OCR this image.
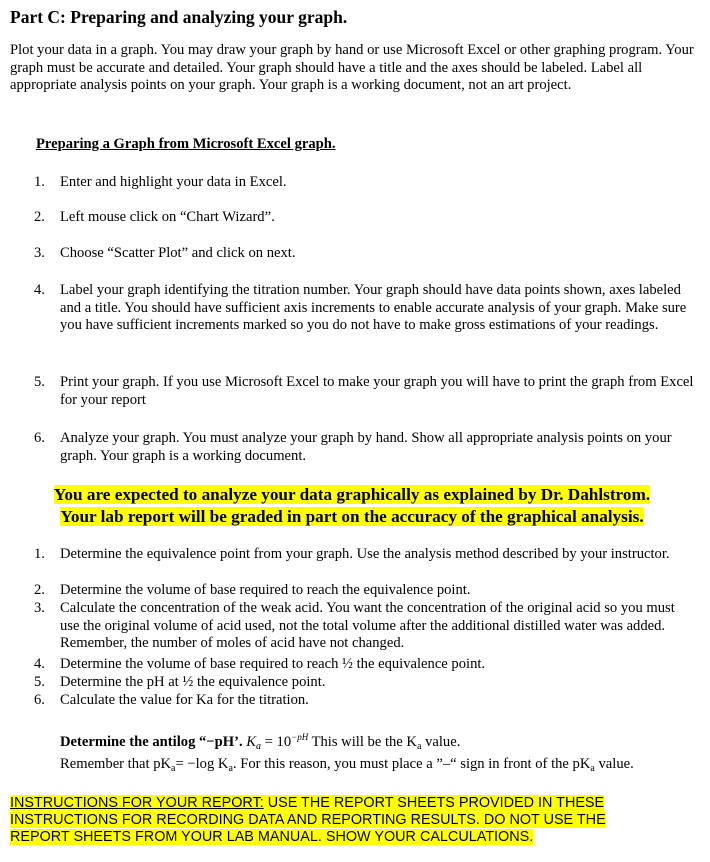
Part C: Preparing and analyzing your graph.
Plot your data in a graph. You may draw your graph by hand or use Microsoft Excel or other graphing program. Your graph must be accurate and detailed. Your graph should have a title and the axes should be labeled. Label all appropriate analysis points on your graph. Your graph is a working document, not an art project.
Preparing a Graph from Microsoft Excel graph.
1.	Enter and highlight your data in Excel.
2.	Left mouse click on “Chart Wizard”.
3.	Choose “Scatter Plot” and click on next.
4.	Label your graph identifying the titration number. Your graph should have data points shown, axes labeled and a title. You should have sufficient axis increments to enable accurate analysis of your graph. Make sure you have sufficient increments marked so you do not have to make gross estimations of your readings.
5.	Print your graph. If you use Microsoft Excel to make your graph you will have to print the graph from Excel for your report
6.	Analyze your graph. You must analyze your graph by hand. Show all appropriate analysis points on your graph. Your graph is a working document.
You are expected to analyze your data graphically as explained by Dr. Dahlstrom.
Your lab report will be graded in part on the accuracy of the graphical analysis.
1.	Determine the equivalence point from your graph. Use the analysis method described by your instructor.
2.	Determine the volume of base required to reach the equivalence point.
3.	Calculate the concentration of the weak acid. You want the concentration of the original acid so you must use the original volume of acid used, not the total volume after the additional distilled water was added. Remember, the number of moles of acid have not changed.
4.	Determine the volume of base required to reach ½ the equivalence point.
5.	Determine the pH at ½ the equivalence point.
6.	Calculate the value for Ka for the titration.
Determine the antilog “−pH’. $K_a = 10^{-pH}$ This will be the $K_a$ value.
Remember that $pK_a= -\log$ $K_a$. For this reason, you must place a ”–“ sign in front of the $pK_a$ value.
INSTRUCTIONS FOR YOUR REPORT: USE THE REPORT SHEETS PROVIDED IN THESE
INSTRUCTIONS FOR RECORDING DATA AND REPORTING RESULTS. DO NOT USE THE
REPORT SHEETS FROM YOUR LAB MANUAL. SHOW YOUR CALCULATIONS.
